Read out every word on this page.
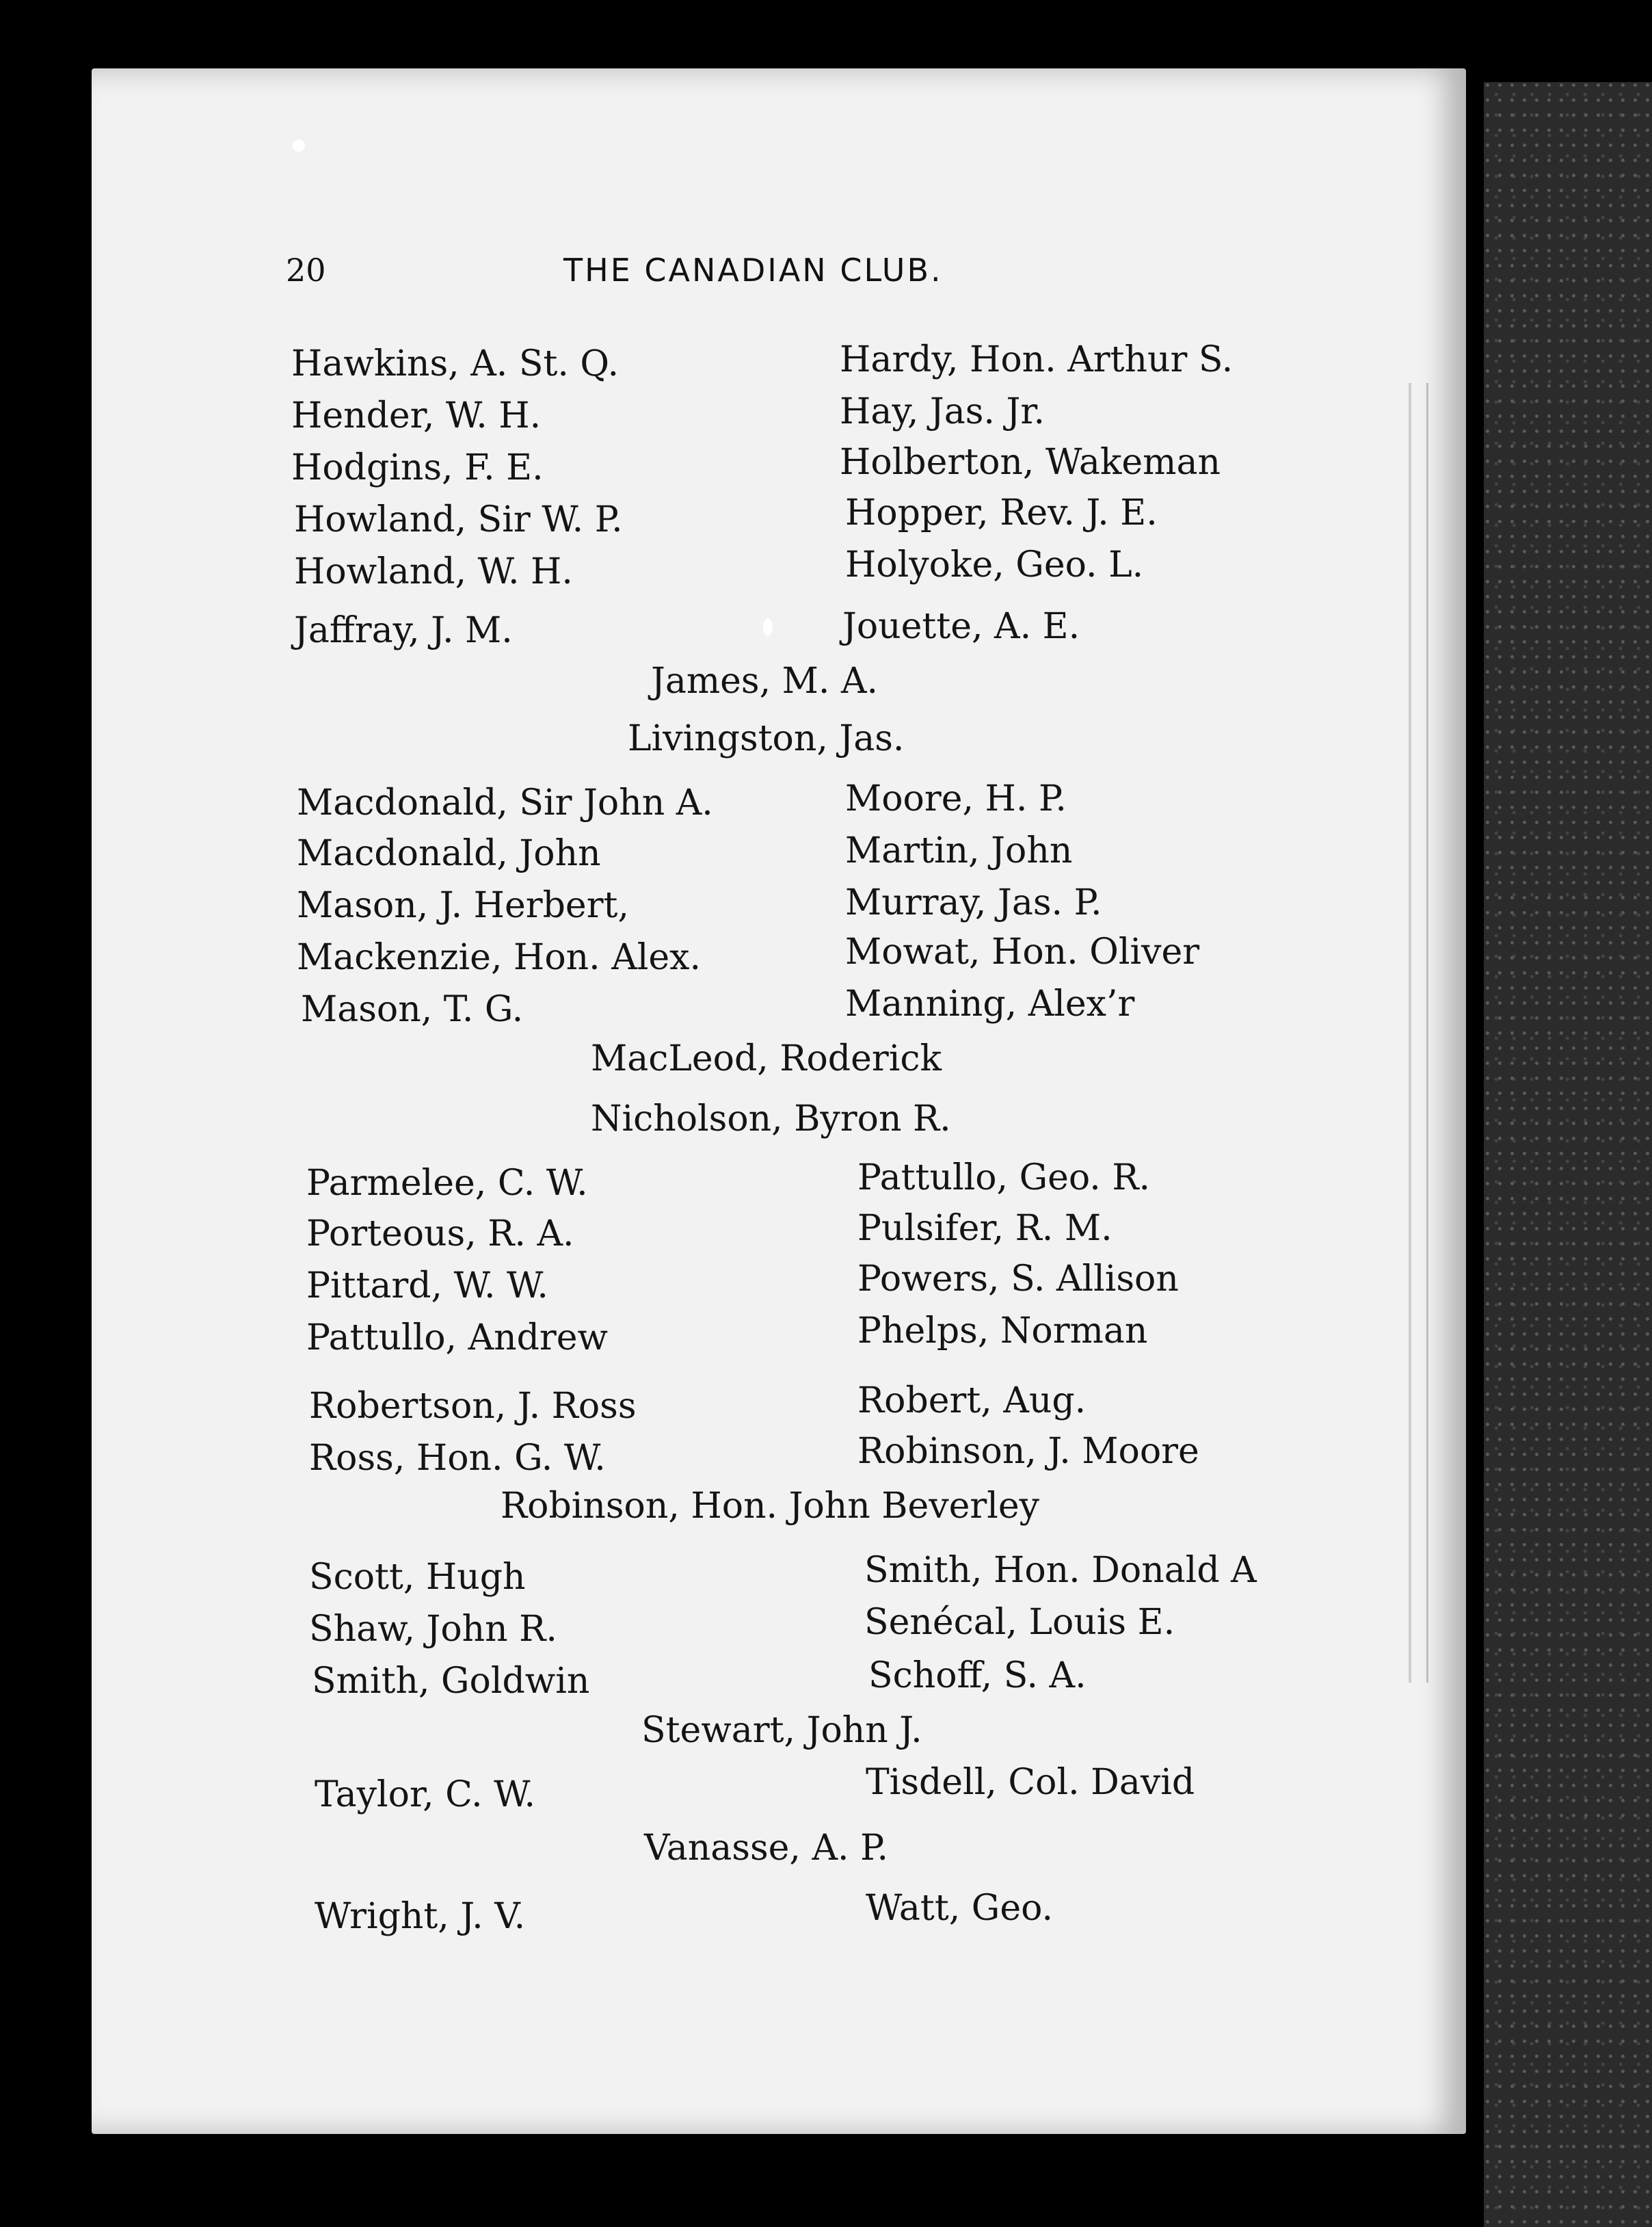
20	THE CANADIAN CLUB.
Hawkins, A. St. Q.	Hardy, Hon. Arthur S.
Hender, W. H.	Hay, Jas. Jr.
Hodgins, F. E.	Holberton, Wakeman
Howland, Sir W. P.	Hopper, Rev. J. E.
Howland, W. H.	Holyoke, Geo. L.
Jaffray, J. M.	Jouette, A. E.
James, M. A.
Livingston, Jas.
Macdonald, Sir John A.	Moore, H. P.
Macdonald, John	Martin, John
Mason, J. Herbert,	Murray, Jas. P.
Mackenzie, Hon. Alex.	Mowat, Hon. Oliver
Mason, T. G.	Manning, Alex’r
MacLeod, Roderick
Nicholson, Byron R.
Parmelee, C. W.	Pattullo, Geo. R.
Porteous, R. A.	Pulsifer, R. M.
Pittard, W. W.	Powers, S. Allison
Pattullo, Andrew	Phelps, Norman
Robertson, J. Ross	Robert, Aug.
Ross, Hon. G. W.	Robinson, J. Moore
Robinson, Hon. John Beverley
Scott, Hugh	Smith, Hon. Donald A
Shaw, John R.	Senécal, Louis E.
Smith, Goldwin	Schoff, S. A.
Stewart, John J.
Taylor, C. W.	Tisdell, Col. David
Vanasse, A. P.
Wright, J. V.	Watt, Geo.
